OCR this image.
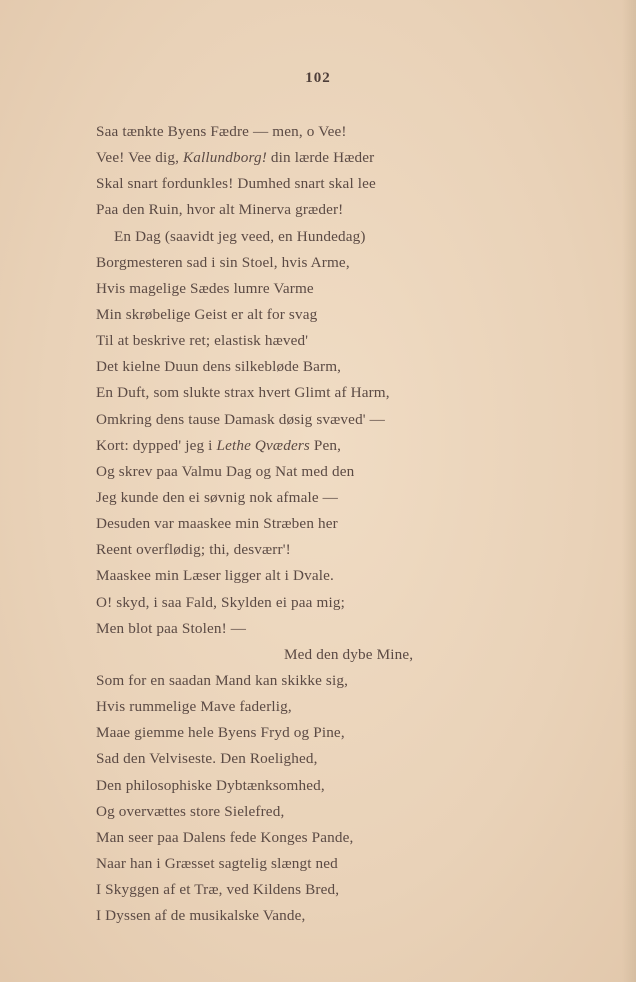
102
Saa tænkte Byens Fædre — men, o Vee!
Vee! Vee dig, Kallundborg! din lærde Hæder
Skal snart fordunkles! Dumhed snart skal lee
Paa den Ruin, hvor alt Minerva græder!
En Dag (saavidt jeg veed, en Hundedag)
Borgmesteren sad i sin Stoel, hvis Arme,
Hvis magelige Sædes lumre Varme
Min skrøbelige Geist er alt for svag
Til at beskrive ret; elastisk hæved'
Det kielne Duun dens silkebløde Barm,
En Duft, som slukte strax hvert Glimt af Harm,
Omkring dens tause Damask døsig svæved' —
Kort: dypped' jeg i Lethe Qvæders Pen,
Og skrev paa Valmu Dag og Nat med den
Jeg kunde den ei søvnig nok afmale —
Desuden var maaskee min Stræben her
Reent overflødig; thi, desværr'!
Maaskee min Læser ligger alt i Dvale.
O! skyd, i saa Fald, Skylden ei paa mig;
Men blot paa Stolen! —
Med den dybe Mine,
Som for en saadan Mand kan skikke sig,
Hvis rummelige Mave faderlig,
Maae giemme hele Byens Fryd og Pine,
Sad den Velviseste. Den Roelighed,
Den philosophiske Dybtænksomhed,
Og overvættes store Sielefred,
Man seer paa Dalens fede Konges Pande,
Naar han i Græsset sagtelig slængt ned
I Skyggen af et Træ, ved Kildens Bred,
I Dyssen af de musikalske Vande,
